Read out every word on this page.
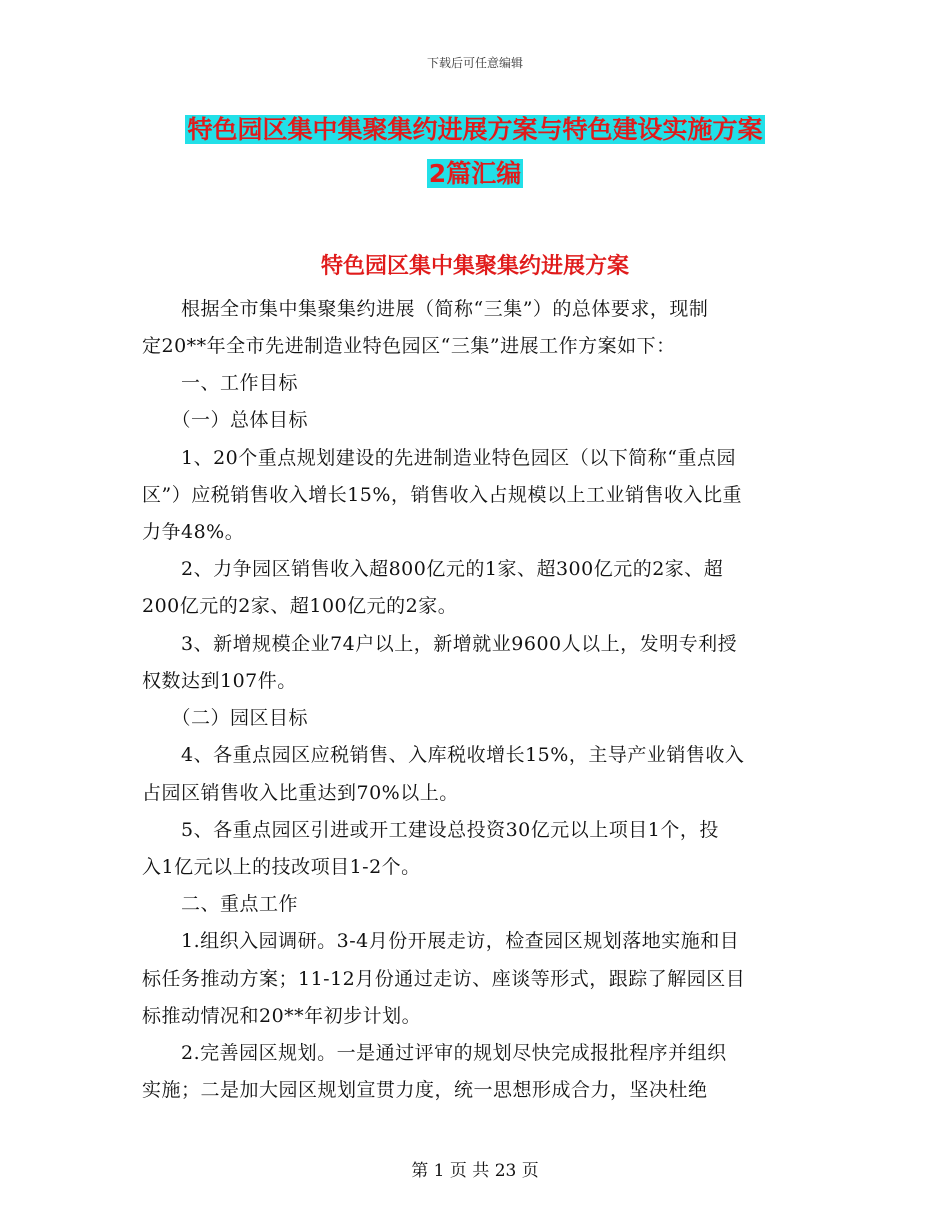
下载后可任意编辑
特色园区集中集聚集约进展方案与特色建设实施方案
2篇汇编
特色园区集中集聚集约进展方案
　　根据全市集中集聚集约进展（简称“三集”）的总体要求，现制
定20**年全市先进制造业特色园区“三集”进展工作方案如下：
　　一、工作目标
　　（一）总体目标
　　1、20个重点规划建设的先进制造业特色园区（以下简称“重点园
区”）应税销售收入增长15%，销售收入占规模以上工业销售收入比重
力争48%。
　　2、力争园区销售收入超800亿元的1家、超300亿元的2家、超
200亿元的2家、超100亿元的2家。
　　3、新增规模企业74户以上，新增就业9600人以上，发明专利授
权数达到107件。
　　（二）园区目标
　　4、各重点园区应税销售、入库税收增长15%，主导产业销售收入
占园区销售收入比重达到70%以上。
　　5、各重点园区引进或开工建设总投资30亿元以上项目1个，投
入1亿元以上的技改项目1-2个。
　　二、重点工作
　　1.组织入园调研。3-4月份开展走访，检查园区规划落地实施和目
标任务推动方案；11-12月份通过走访、座谈等形式，跟踪了解园区目
标推动情况和20**年初步计划。
　　2.完善园区规划。一是通过评审的规划尽快完成报批程序并组织
实施；二是加大园区规划宣贯力度，统一思想形成合力，坚决杜绝
第 1 页 共 23 页
